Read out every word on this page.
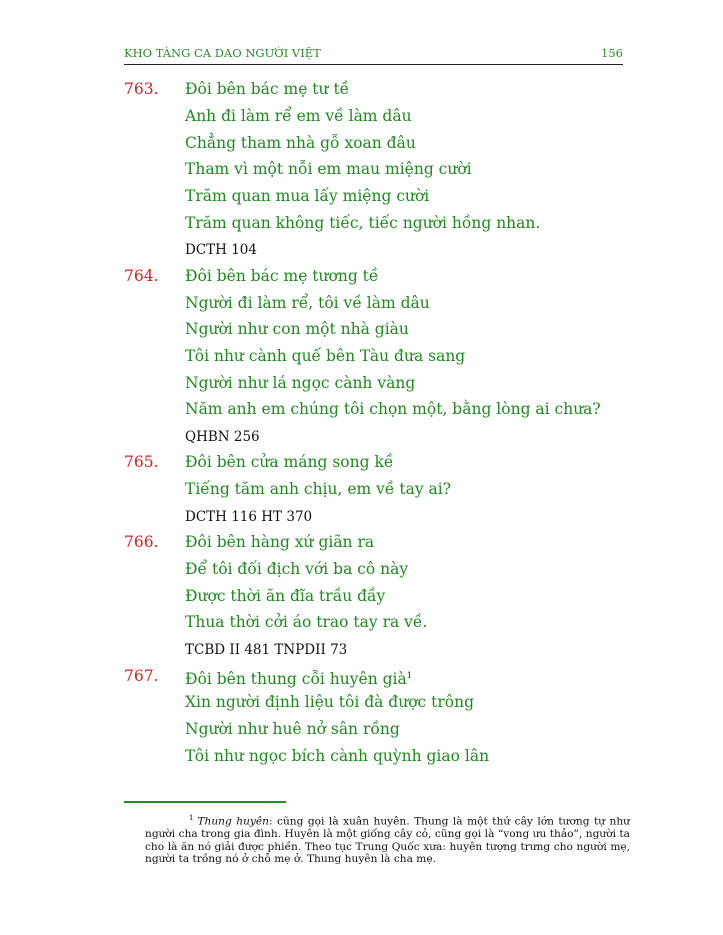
KHO TÀNG CA DAO NGƯỜI VIỆT	156
763. Đôi bên bác mẹ tư tề
Anh đi làm rể em về làm dâu
Chẳng tham nhà gỗ xoan đâu
Tham vì một nỗi em mau miệng cười
Trăm quan mua lấy miệng cười
Trăm quan không tiếc, tiếc người hồng nhan.
DCTH 104
764. Đôi bên bác mẹ tương tề
Người đi làm rể, tôi về làm dâu
Người như con một nhà giàu
Tôi như cành quế bên Tàu đưa sang
Người như lá ngọc cành vàng
Năm anh em chúng tôi chọn một, bằng lòng ai chưa?
QHBN 256
765. Đôi bên cửa máng song kề
Tiếng tăm anh chịu, em về tay ai?
DCTH 116 HT 370
766. Đôi bên hàng xứ giãn ra
Để tôi đối địch với ba cô này
Được thời ăn đĩa trầu đầy
Thua thời cởi áo trao tay ra về.
TCBD II 481 TNPDII 73
767. Đôi bên thung cỗi huyên già$^1$
Xin người định liệu tôi đà được trông
Người như huê nở sân rồng
Tôi như ngọc bích cành quỳnh giao lân
$^1$ Thung huyên: cũng gọi là xuân huyên. Thung là một thứ cây lớn tương tự như người cha trong gia đình. Huyên là một giống cây cỏ, cũng gọi là “vong ưu thảo”, người ta cho là ăn nó giải được phiền. Theo tục Trung Quốc xưa: huyên tượng trưng cho người mẹ, người ta trồng nó ở chỗ mẹ ở. Thung huyên là cha mẹ.
